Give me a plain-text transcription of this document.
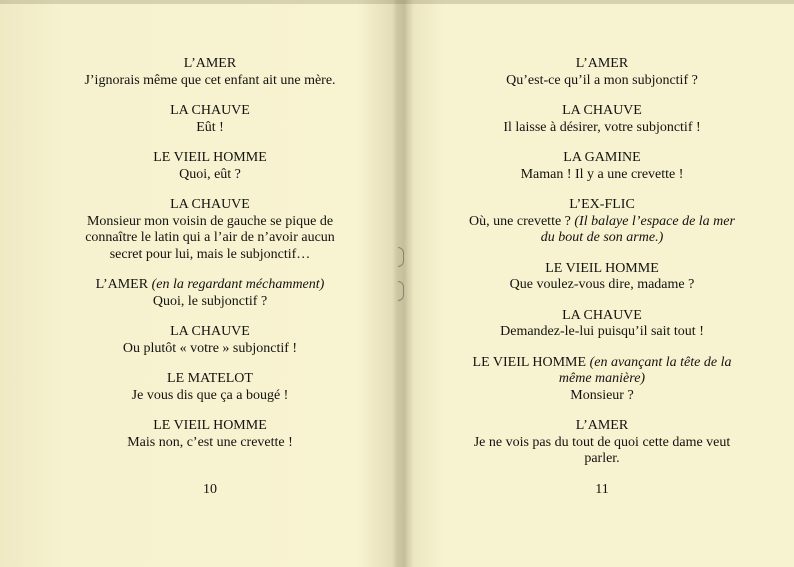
L’AMER
J’ignorais même que cet enfant ait une mère.
LA CHAUVE
Eût !
LE VIEIL HOMME
Quoi, eût ?
LA CHAUVE
Monsieur mon voisin de gauche se pique de
connaître le latin qui a l’air de n’avoir aucun
secret pour lui, mais le subjonctif…
L’AMER (en la regardant méchamment)
Quoi, le subjonctif ?
LA CHAUVE
Ou plutôt « votre » subjonctif !
LE MATELOT
Je vous dis que ça a bougé !
LE VIEIL HOMME
Mais non, c’est une crevette !
10
L’AMER
Qu’est-ce qu’il a mon subjonctif ?
LA CHAUVE
Il laisse à désirer, votre subjonctif !
LA GAMINE
Maman ! Il y a une crevette !
L’EX-FLIC
Où, une crevette ? (Il balaye l’espace de la mer
du bout de son arme.)
LE VIEIL HOMME
Que voulez-vous dire, madame ?
LA CHAUVE
Demandez-le-lui puisqu’il sait tout !
LE VIEIL HOMME (en avançant la tête de la
même manière)
Monsieur ?
L’AMER
Je ne vois pas du tout de quoi cette dame veut
parler.
11
